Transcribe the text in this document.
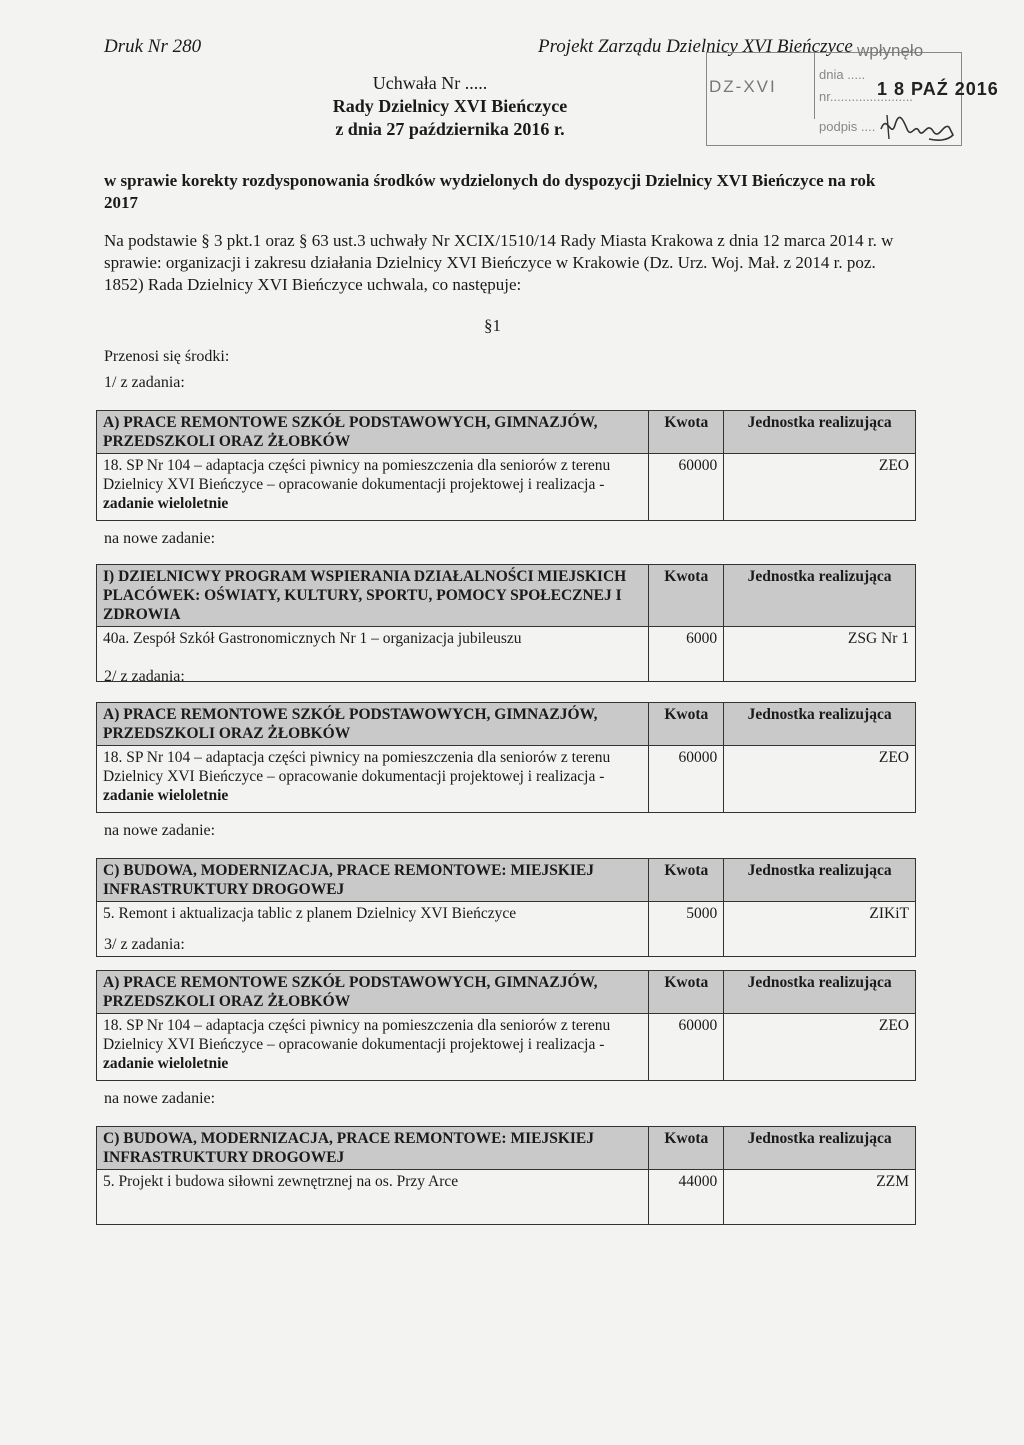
Druk Nr 280	Projekt Zarządu Dzielnicy XVI Bieńczyce
DZ-XVI
wpłynęło
dnia .....
nr.......................
podpis ....
1 8 PAŹ 2016
Uchwała Nr .....
Rady Dzielnicy XVI Bieńczyce
z dnia 27 października 2016 r.
w sprawie korekty rozdysponowania środków wydzielonych do dyspozycji Dzielnicy XVI Bieńczyce na rok 2017
Na podstawie § 3 pkt.1 oraz § 63 ust.3 uchwały Nr XCIX/1510/14 Rady Miasta Krakowa z dnia 12 marca 2014 r. w sprawie: organizacji i zakresu działania Dzielnicy XVI Bieńczyce w Krakowie (Dz. Urz. Woj. Mał. z 2014 r. poz. 1852) Rada Dzielnicy XVI Bieńczyce uchwala, co następuje:
§1
Przenosi się środki:
1/ z zadania:
A) PRACE REMONTOWE SZKÓŁ PODSTAWOWYCH, GIMNAZJÓW, PRZEDSZKOLI ORAZ ŻŁOBKÓW	Kwota	Jednostka realizująca
18. SP Nr 104 – adaptacja części piwnicy na pomieszczenia dla seniorów z terenu Dzielnicy XVI Bieńczyce – opracowanie dokumentacji projektowej i realizacja - zadanie wieloletnie	60000	ZEO
na nowe zadanie:
I) DZIELNICWY PROGRAM WSPIERANIA DZIAŁALNOŚCI MIEJSKICH PLACÓWEK: OŚWIATY, KULTURY, SPORTU, POMOCY SPOŁECZNEJ I ZDROWIA	Kwota	Jednostka realizująca
40a. Zespół Szkół Gastronomicznych Nr 1 – organizacja jubileuszu	6000	ZSG Nr 1
2/ z zadania:
A) PRACE REMONTOWE SZKÓŁ PODSTAWOWYCH, GIMNAZJÓW, PRZEDSZKOLI ORAZ ŻŁOBKÓW	Kwota	Jednostka realizująca
18. SP Nr 104 – adaptacja części piwnicy na pomieszczenia dla seniorów z terenu Dzielnicy XVI Bieńczyce – opracowanie dokumentacji projektowej i realizacja - zadanie wieloletnie	60000	ZEO
na nowe zadanie:
C) BUDOWA, MODERNIZACJA, PRACE REMONTOWE: MIEJSKIEJ INFRASTRUKTURY DROGOWEJ	Kwota	Jednostka realizująca
5. Remont i aktualizacja tablic z planem Dzielnicy XVI Bieńczyce	5000	ZIKiT
3/ z zadania:
A) PRACE REMONTOWE SZKÓŁ PODSTAWOWYCH, GIMNAZJÓW, PRZEDSZKOLI ORAZ ŻŁOBKÓW	Kwota	Jednostka realizująca
18. SP Nr 104 – adaptacja części piwnicy na pomieszczenia dla seniorów z terenu Dzielnicy XVI Bieńczyce – opracowanie dokumentacji projektowej i realizacja - zadanie wieloletnie	60000	ZEO
na nowe zadanie:
C) BUDOWA, MODERNIZACJA, PRACE REMONTOWE: MIEJSKIEJ INFRASTRUKTURY DROGOWEJ	Kwota	Jednostka realizująca
5. Projekt i budowa siłowni zewnętrznej na os. Przy Arce	44000	ZZM
